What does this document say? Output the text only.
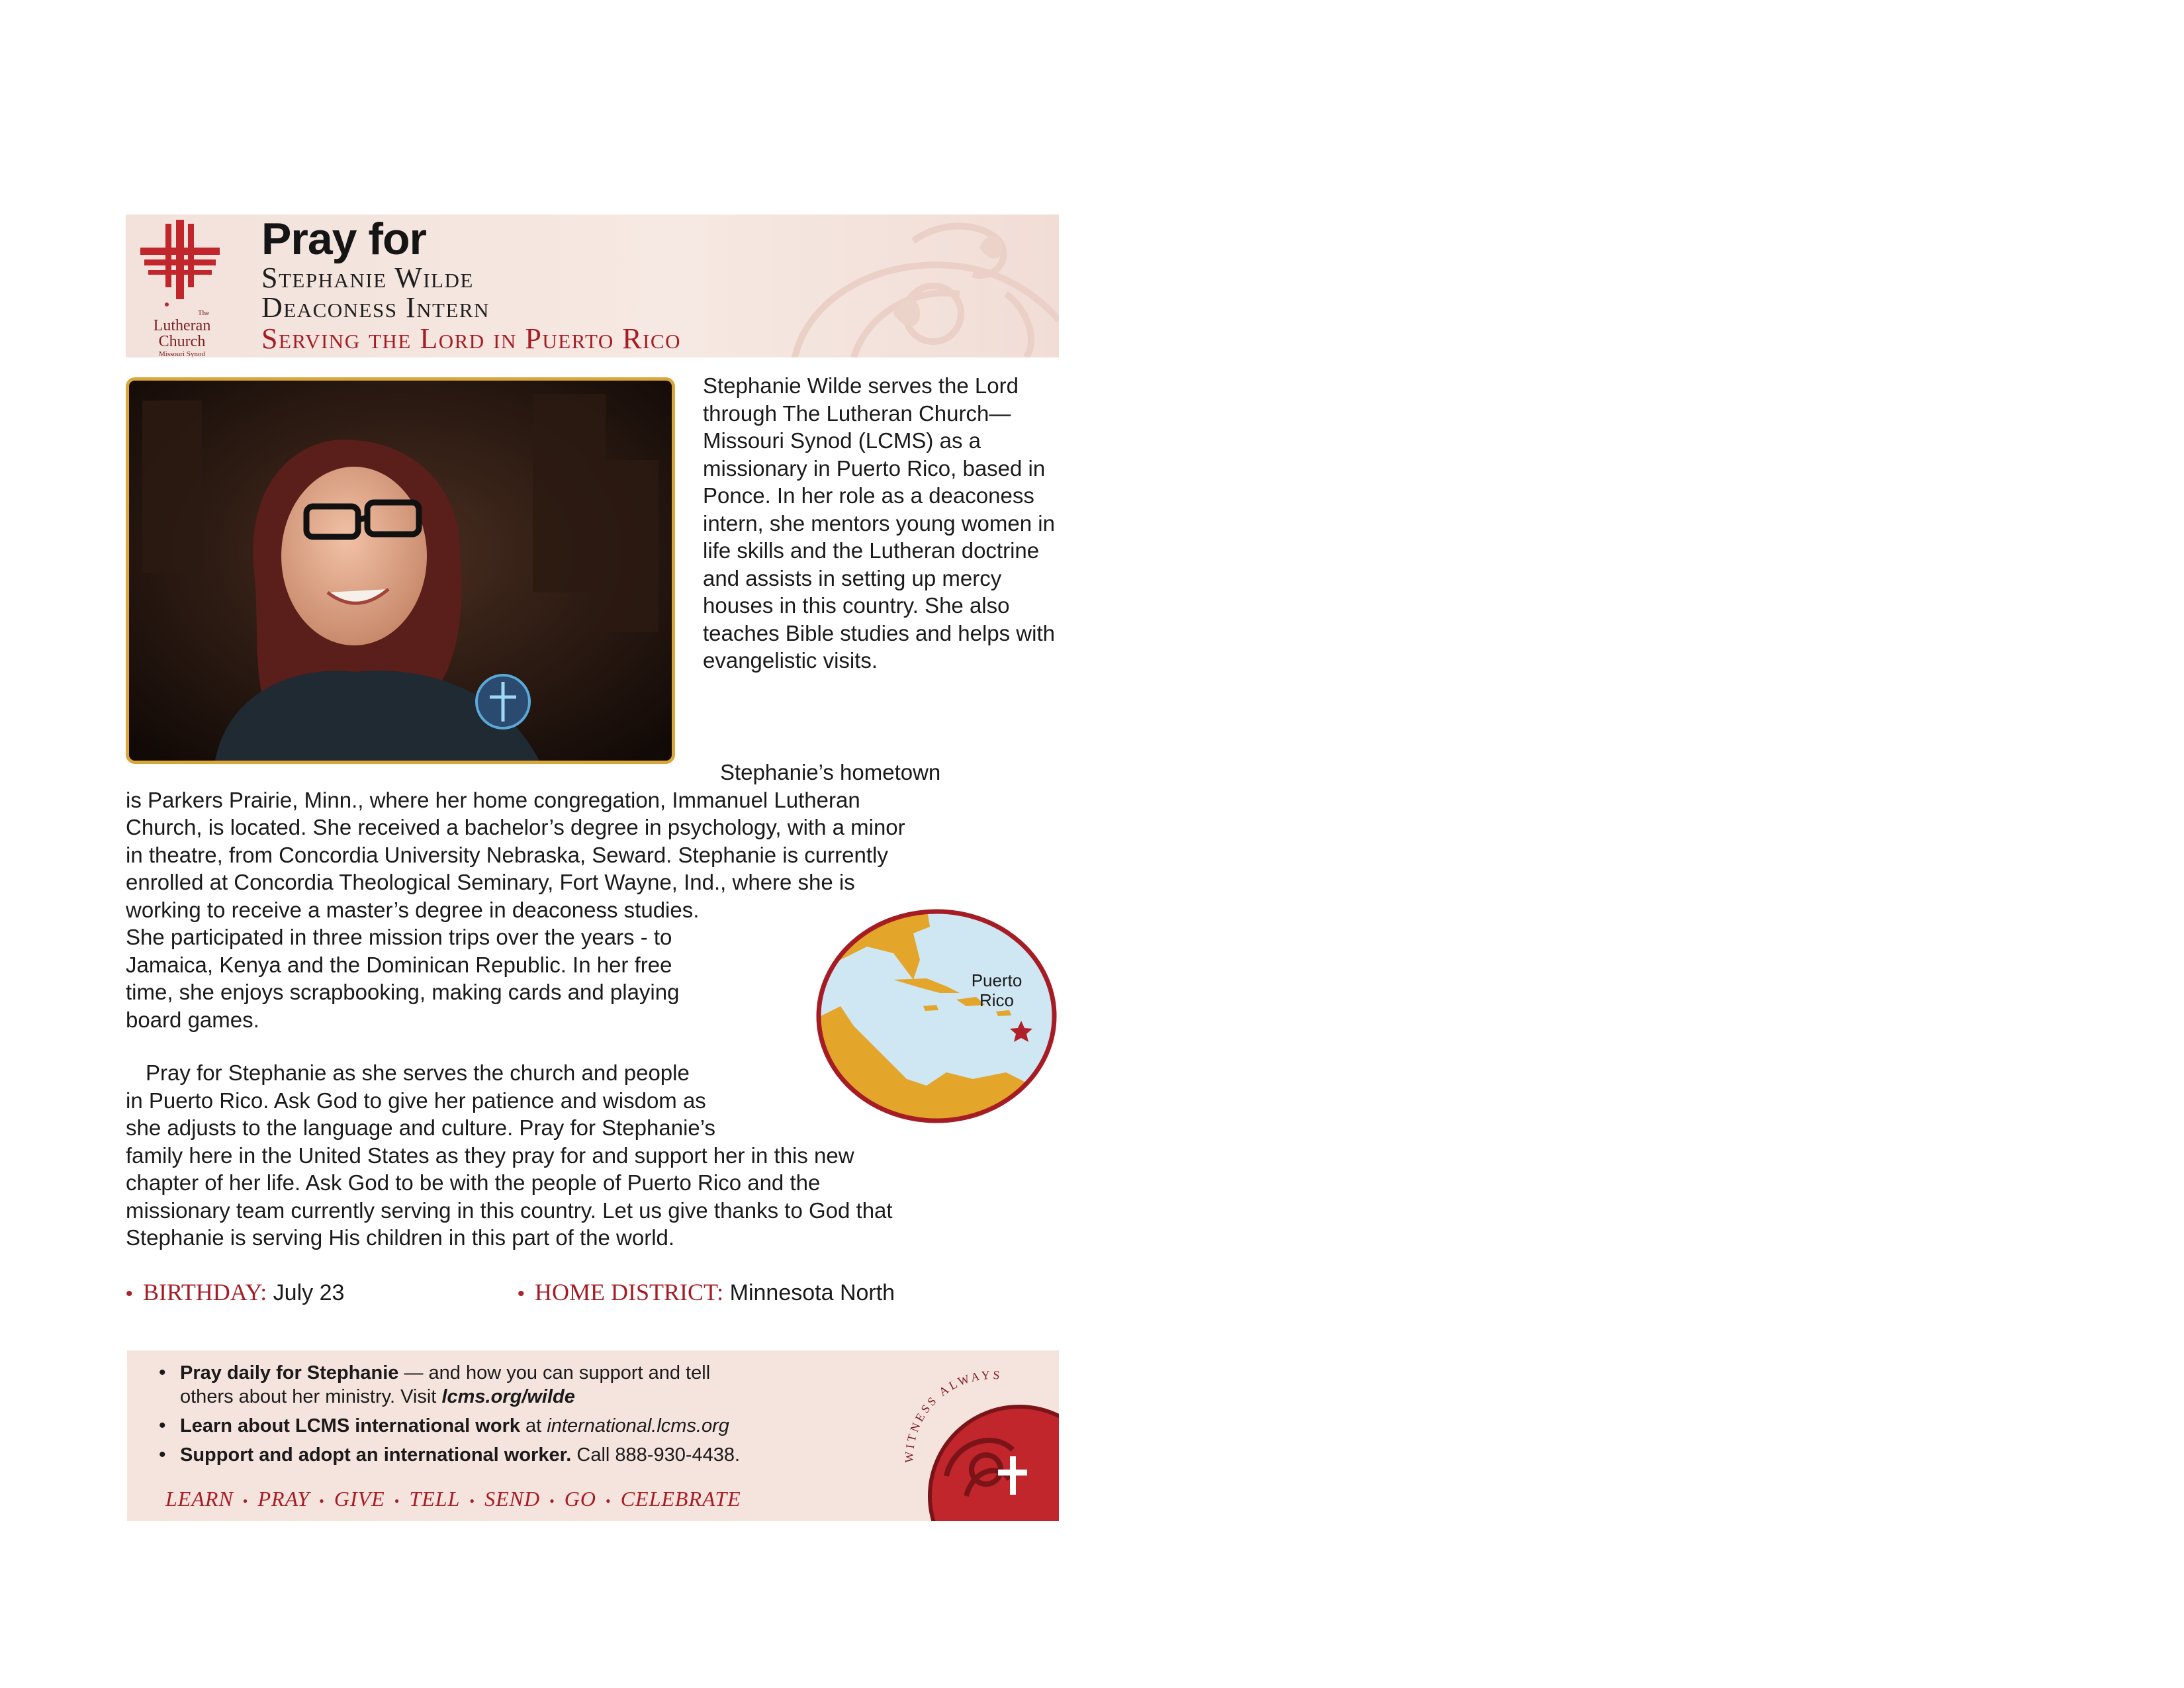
The
Lutheran
Church
Missouri Synod
Pray for
Stephanie Wilde
Deaconess Intern
Serving the Lord in Puerto Rico
Stephanie Wilde serves the Lord through The Lutheran Church—Missouri Synod (LCMS) as a missionary in Puerto Rico, based in Ponce. In her role as a deaconess intern, she mentors young women in life skills and the Lutheran doctrine and assists in setting up mercy houses in this country. She also teaches Bible studies and helps with evangelistic visits.
Stephanie’s hometown
is Parkers Prairie, Minn., where her home congregation, Immanuel Lutheran
Church, is located. She received a bachelor’s degree in psychology, with a minor
in theatre, from Concordia University Nebraska, Seward. Stephanie is currently
enrolled at Concordia Theological Seminary, Fort Wayne, Ind., where she is
working to receive a master’s degree in deaconess studies.
She participated in three mission trips over the years - to
Jamaica, Kenya and the Dominican Republic. In her free
time, she enjoys scrapbooking, making cards and playing
board games.
Pray for Stephanie as she serves the church and people
in Puerto Rico. Ask God to give her patience and wisdom as
she adjusts to the language and culture. Pray for Stephanie’s
family here in the United States as they pray for and support her in this new
chapter of her life. Ask God to be with the people of Puerto Rico and the
missionary team currently serving in this country. Let us give thanks to God that
Stephanie is serving His children in this part of the world.
Puerto
Rico
• BIRTHDAY: July 23	• HOME DISTRICT: Minnesota North
• Pray daily for Stephanie — and how you can support and tell
others about her ministry. Visit lcms.org/wilde
• Learn about LCMS international work at international.lcms.org
• Support and adopt an international worker. Call 888-930-4438.
LEARN • PRAY • GIVE • TELL • SEND • GO • CELEBRATE
WITNESS ALWAYS
